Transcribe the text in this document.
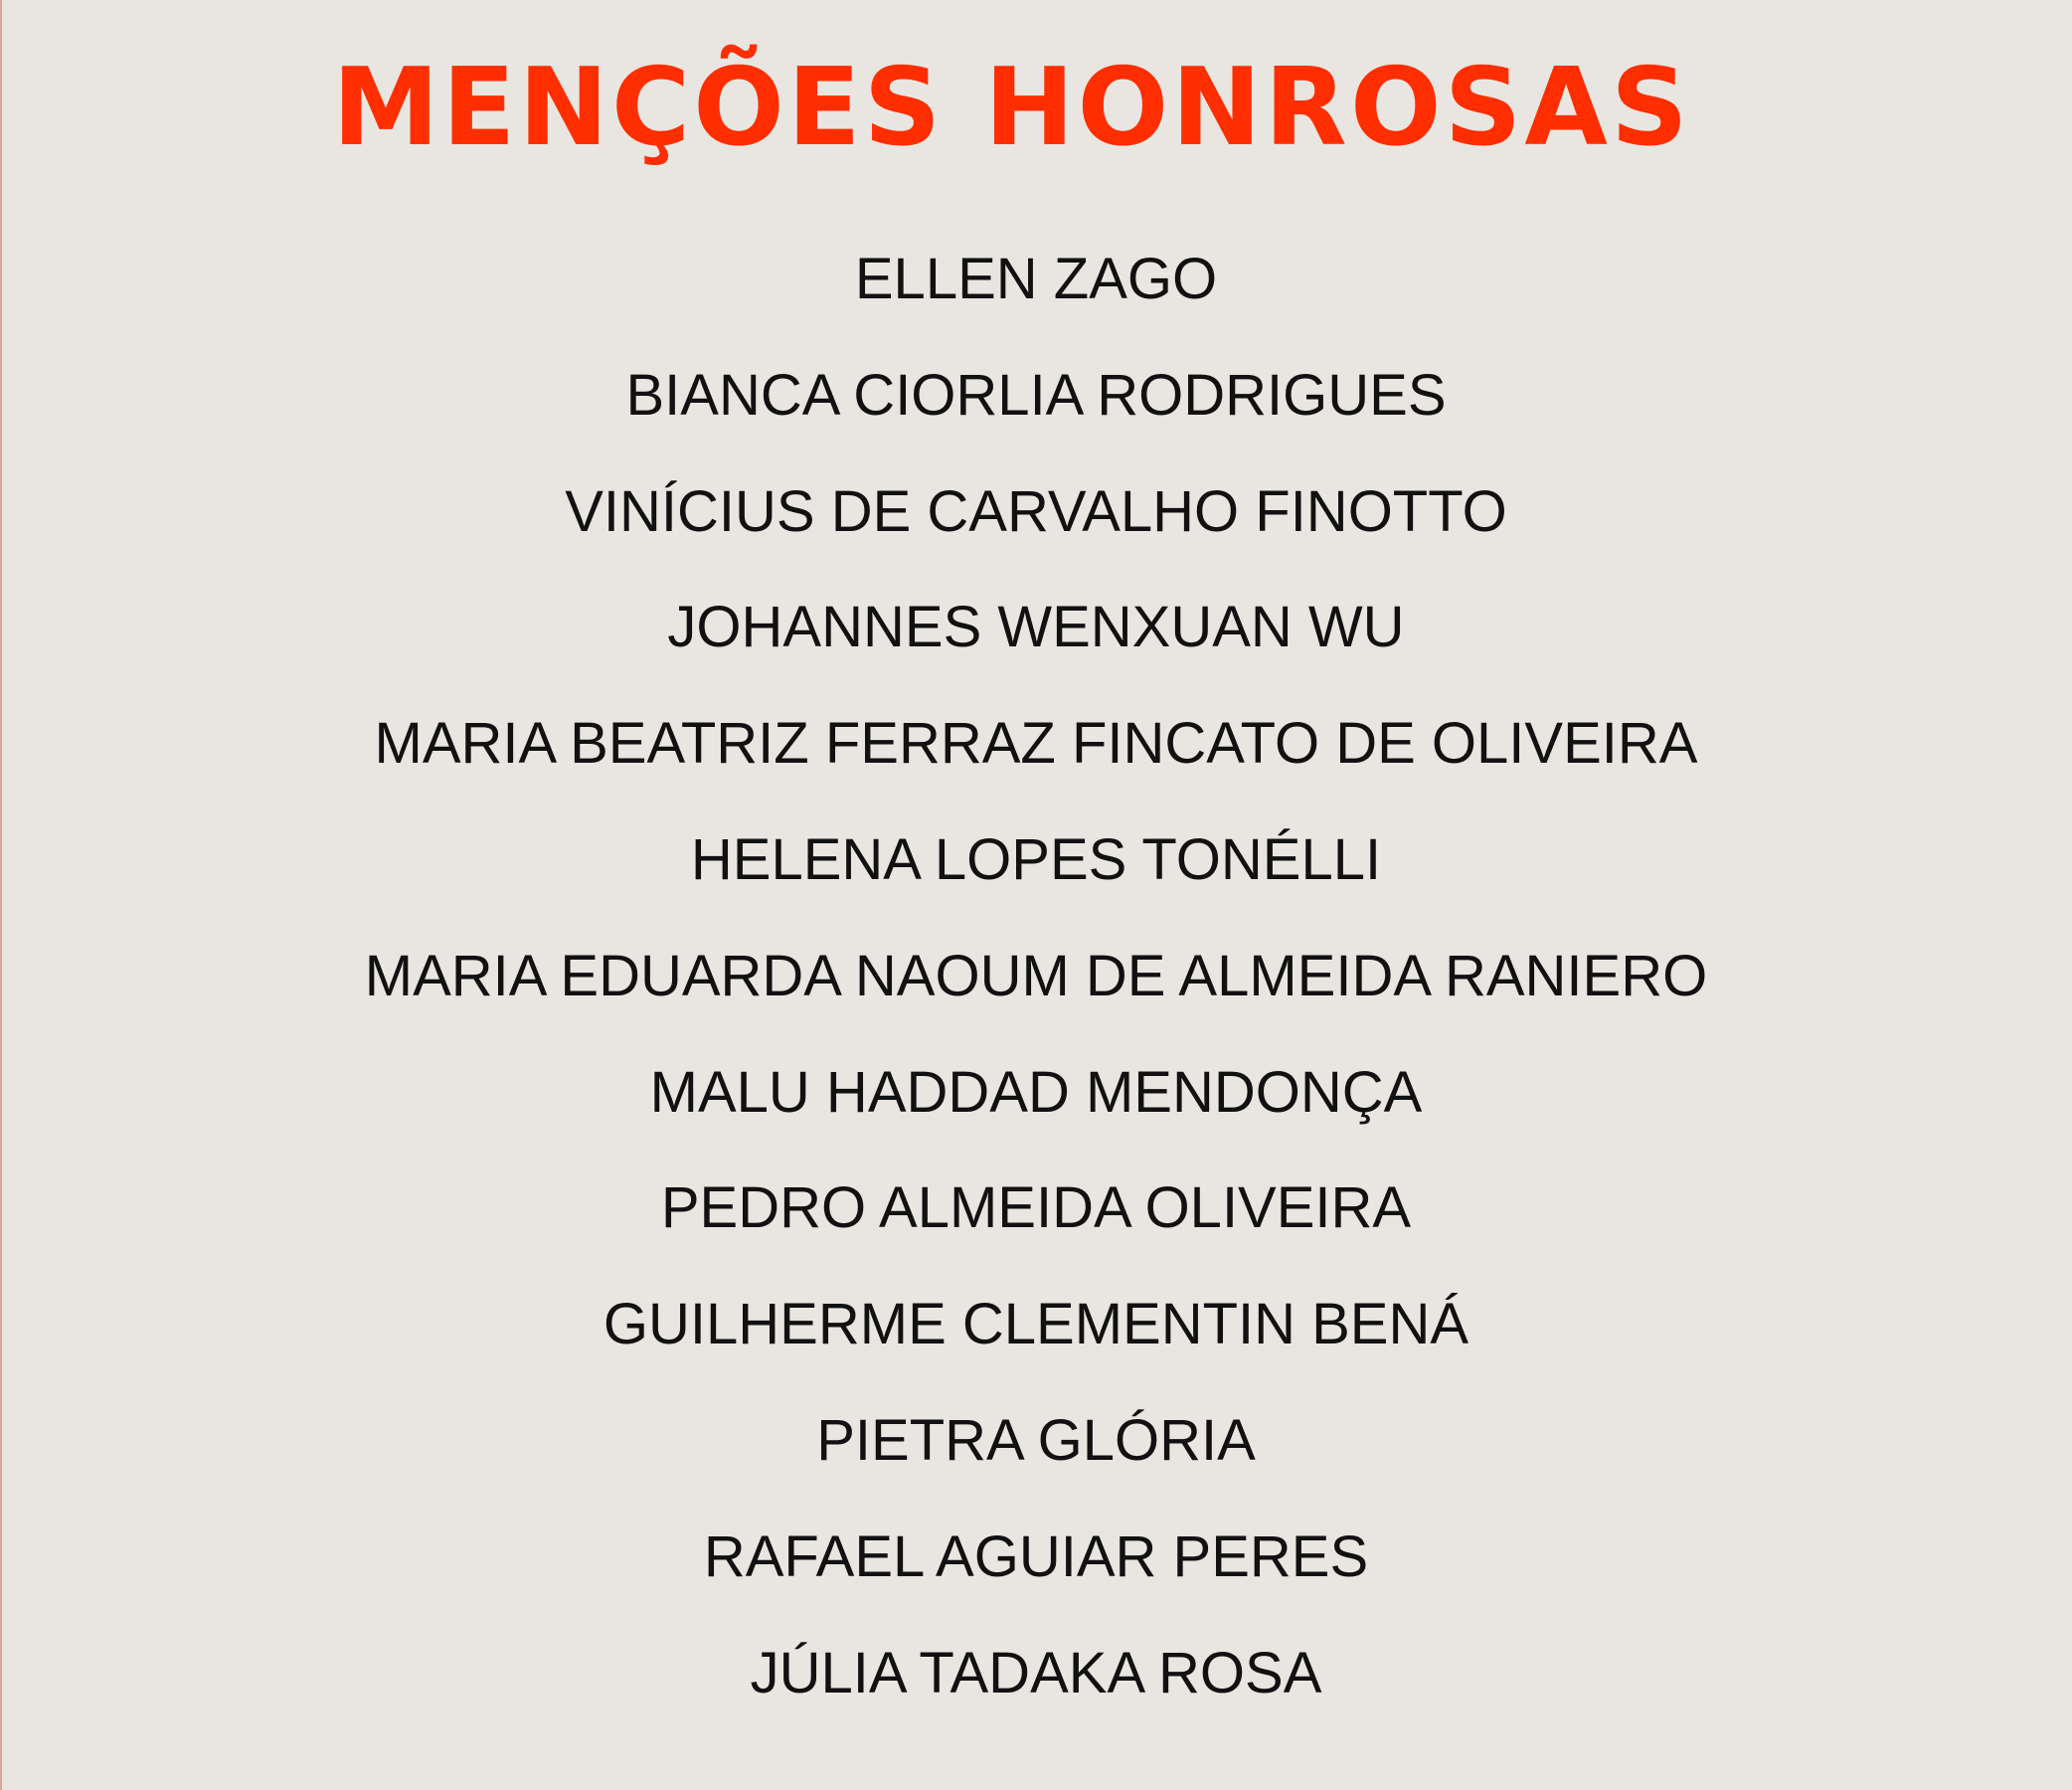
MENÇÕES HONROSAS
ELLEN ZAGO
BIANCA CIORLIA RODRIGUES
VINÍCIUS DE CARVALHO FINOTTO
JOHANNES WENXUAN WU
MARIA BEATRIZ FERRAZ FINCATO DE OLIVEIRA
HELENA LOPES TONÉLLI
MARIA EDUARDA NAOUM DE ALMEIDA RANIERO
MALU HADDAD MENDONÇA
PEDRO ALMEIDA OLIVEIRA
GUILHERME CLEMENTIN BENÁ
PIETRA GLÓRIA
RAFAEL AGUIAR PERES
JÚLIA TADAKA ROSA
